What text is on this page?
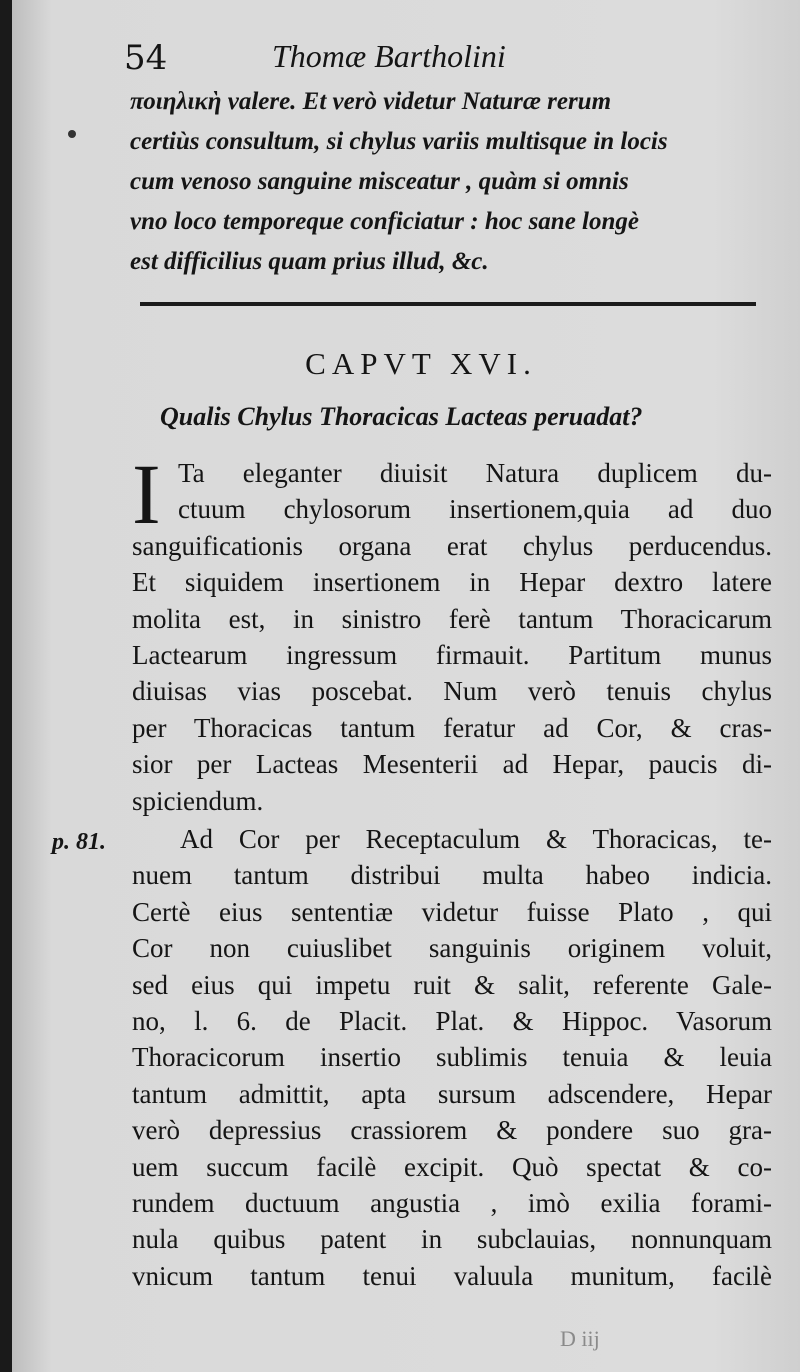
54	Thomæ Bartholini
ποιηλικὴ valere. Et verò videtur Naturæ rerum
certiùs consultum, si chylus variis multisque in locis
cum venoso sanguine misceatur , quàm si omnis
vno loco temporeque conficiatur : hoc sane longè
est difficilius quam prius illud, &c.
CAPVT XVI.
Qualis Chylus Thoracicas Lacteas peruadat?
I Ta eleganter diuisit Natura duplicem du-
ctuum chylosorum insertionem,quia ad duo
sanguificationis organa erat chylus perducendus.
Et siquidem insertionem in Hepar dextro latere
molita est, in sinistro ferè tantum Thoracicarum
Lactearum ingressum firmauit. Partitum munus
diuisas vias poscebat. Num verò tenuis chylus
per Thoracicas tantum feratur ad Cor, & cras-
sior per Lacteas Mesenterii ad Hepar, paucis di-
spiciendum.
p. 81.	Ad Cor per Receptaculum & Thoracicas, te-
nuem tantum distribui multa habeo indicia.
Certè eius sententiæ videtur fuisse Plato , qui
Cor non cuiuslibet sanguinis originem voluit,
sed eius qui impetu ruit & salit, referente Gale-
no, l. 6. de Placit. Plat. & Hippoc. Vasorum
Thoracicorum insertio sublimis tenuia & leuia
tantum admittit, apta sursum adscendere, Hepar
verò depressius crassiorem & pondere suo gra-
uem succum facilè excipit. Quò spectat & co-
rundem ductuum angustia , imò exilia forami-
nula quibus patent in subclauias, nonnunquam
vnicum tantum tenui valuula munitum, facilè
D iij
